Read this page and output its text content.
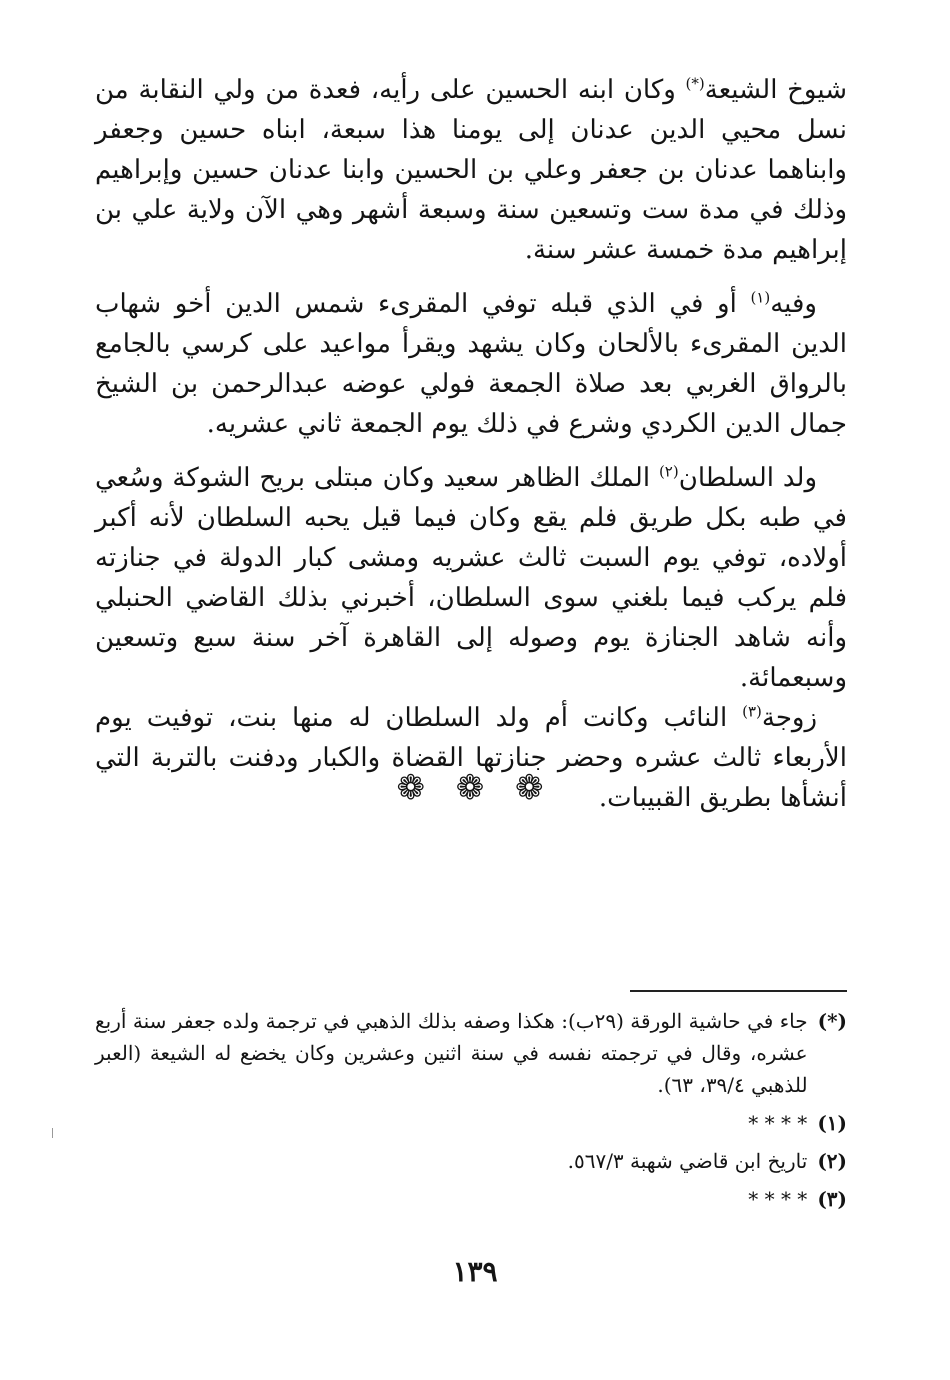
شيوخ الشيعة(*) وكان ابنه الحسين على رأيه، فعدة من ولي النقابة من نسل محيي الدين عدنان إلى يومنا هذا سبعة، ابناه حسين وجعفر وابناهما عدنان بن جعفر وعلي بن الحسين وابنا عدنان حسين وإبراهيم وذلك في مدة ست وتسعين سنة وسبعة أشهر وهي الآن ولاية علي بن إبراهيم مدة خمسة عشر سنة.

وفيه$^{(١)}$ أو في الذي قبله توفي المقرىء شمس الدين أخو شهاب الدين المقرىء بالألحان وكان يشهد ويقرأ مواعيد على كرسي بالجامع بالرواق الغربي بعد صلاة الجمعة فولي عوضه عبدالرحمن بن الشيخ جمال الدين الكردي وشرع في ذلك يوم الجمعة ثاني عشريه.

ولد السلطان$^{(٢)}$ الملك الظاهر سعيد وكان مبتلى بريح الشوكة وسُعي في طبه بكل طريق فلم يقع وكان فيما قيل يحبه السلطان لأنه أكبر أولاده، توفي يوم السبت ثالث عشريه ومشى كبار الدولة في جنازته فلم يركب فيما بلغني سوى السلطان، أخبرني بذلك القاضي الحنبلي وأنه شاهد الجنازة يوم وصوله إلى القاهرة آخر سنة سبع وتسعين وسبعمائة.

زوجة$^{(٣)}$ النائب وكانت أم ولد السلطان له منها بنت، توفيت يوم الأربعاء ثالث عشره وحضر جنازتها القضاة والكبار ودفنت بالتربة التي أنشأها بطريق القبيبات.

❁ ❁ ❁
(*)
جاء في حاشية الورقة (٢٩ب): هكذا وصفه بذلك الذهبي في ترجمة ولده جعفر سنة أربع عشره، وقال في ترجمته نفسه في سنة اثنين وعشرين وكان يخضع له الشيعة (العبر للذهبي ٣٩/٤، ٦٣).
(١)
* * * *
(٢)
تاريخ ابن قاضي شهبة ٥٦٧/٣.
(٣)
* * * *
١٣٩
